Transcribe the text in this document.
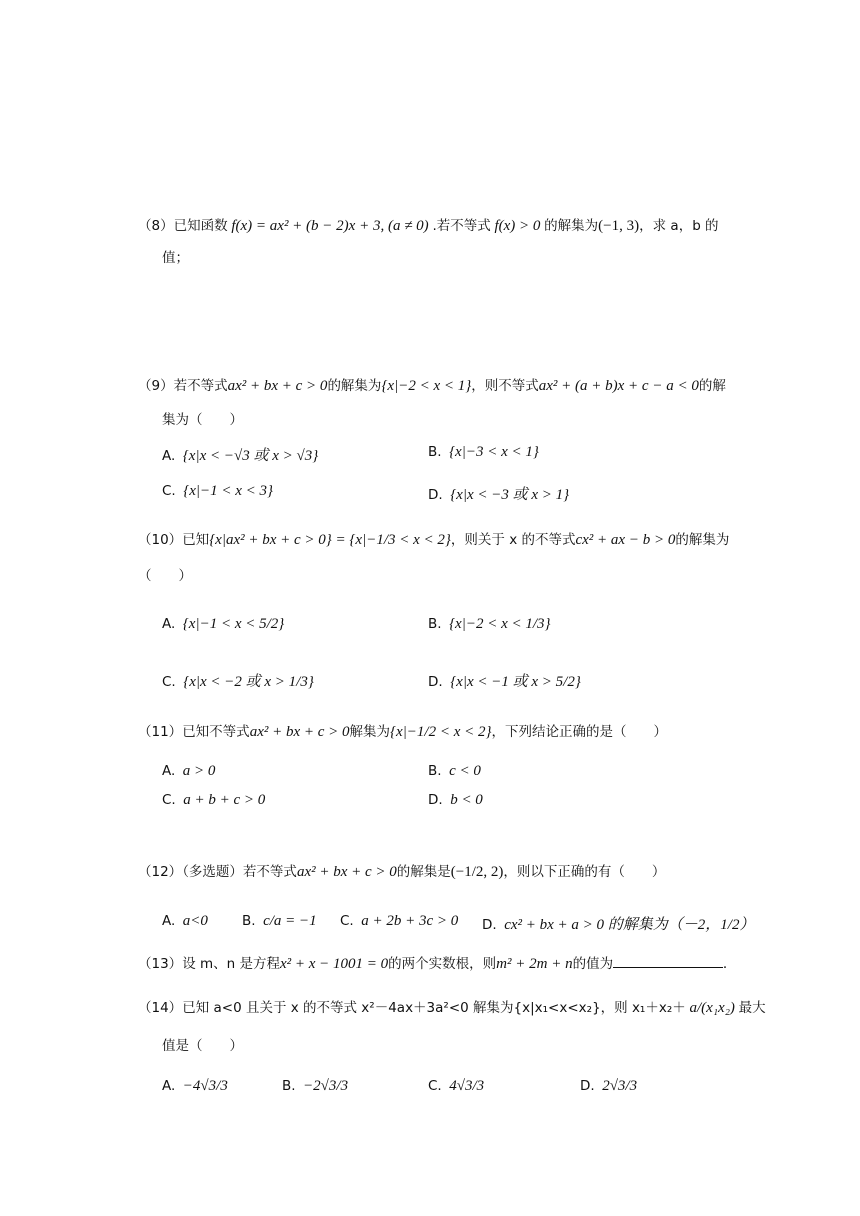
（8）已知函数 f(x) = ax² + (b − 2)x + 3, (a ≠ 0) .若不等式 f(x) > 0 的解集为(−1, 3)，求 a，b 的
值；
（9）若不等式ax² + bx + c > 0的解集为{x|−2 < x < 1}，则不等式ax² + (a + b)x + c − a < 0的解
集为（　　）
A. {x|x < −√3 或 x > √3}	B. {x|−3 < x < 1}
C. {x|−1 < x < 3}	D. {x|x < −3 或 x > 1}
（10）已知{x|ax² + bx + c > 0} = {x|−1/3 < x < 2}，则关于 x 的不等式cx² + ax − b > 0的解集为
（　　）
A. {x|−1 < x < 5/2}	B. {x|−2 < x < 1/3}
C. {x|x < −2 或 x > 1/3}	D. {x|x < −1 或 x > 5/2}
（11）已知不等式ax² + bx + c > 0解集为{x|−1/2 < x < 2}，下列结论正确的是（　　）
A. a > 0	B. c < 0
C. a + b + c > 0	D. b < 0
（12）（多选题）若不等式ax² + bx + c > 0的解集是(−1/2, 2)，则以下正确的有（　　）
A. a<0	B. c/a = −1 C. a + 2b + 3c > 0 D. cx² + bx + a > 0 的解集为（－2，1/2）
（13）设 m、n 是方程x² + x − 1001 = 0的两个实数根，则m² + 2m + n的值为	.
（14）已知 a<0 且关于 x 的不等式 x²－4ax＋3a²<0 解集为{x|x₁<x<x₂}，则 x₁＋x₂＋ a/(x₁x₂) 最大
值是（　　）
A. −4√3/3	B. −2√3/3	C. 4√3/3	D. 2√3/3
